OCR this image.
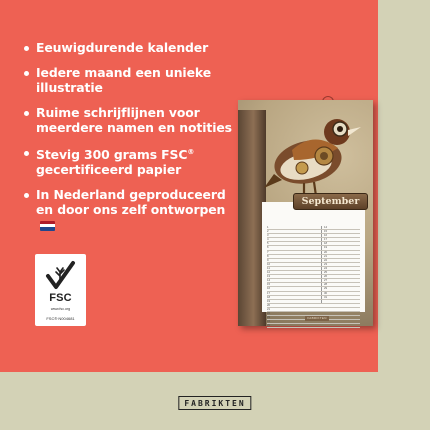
Eeuwigdurende kalender
Iedere maand een unieke illustratie
Ruime schrijflijnen voor meerdere namen en notities
Stevig 300 grams FSC® gecertificeerd papier
In Nederland geproduceerd en door ons zelf ontworpen
FSC
www.fsc.org
FSC® N004681
1	14
2	15
3	16
4	17
5	18
6	19
7	20
8	21
9	22
10	23
11	24
12	25
13	26
14	27
15	28
16	29
17	30
18	31
19
20
21
22
23
24
25
September
FABRIKTEN
FABRIKTEN
